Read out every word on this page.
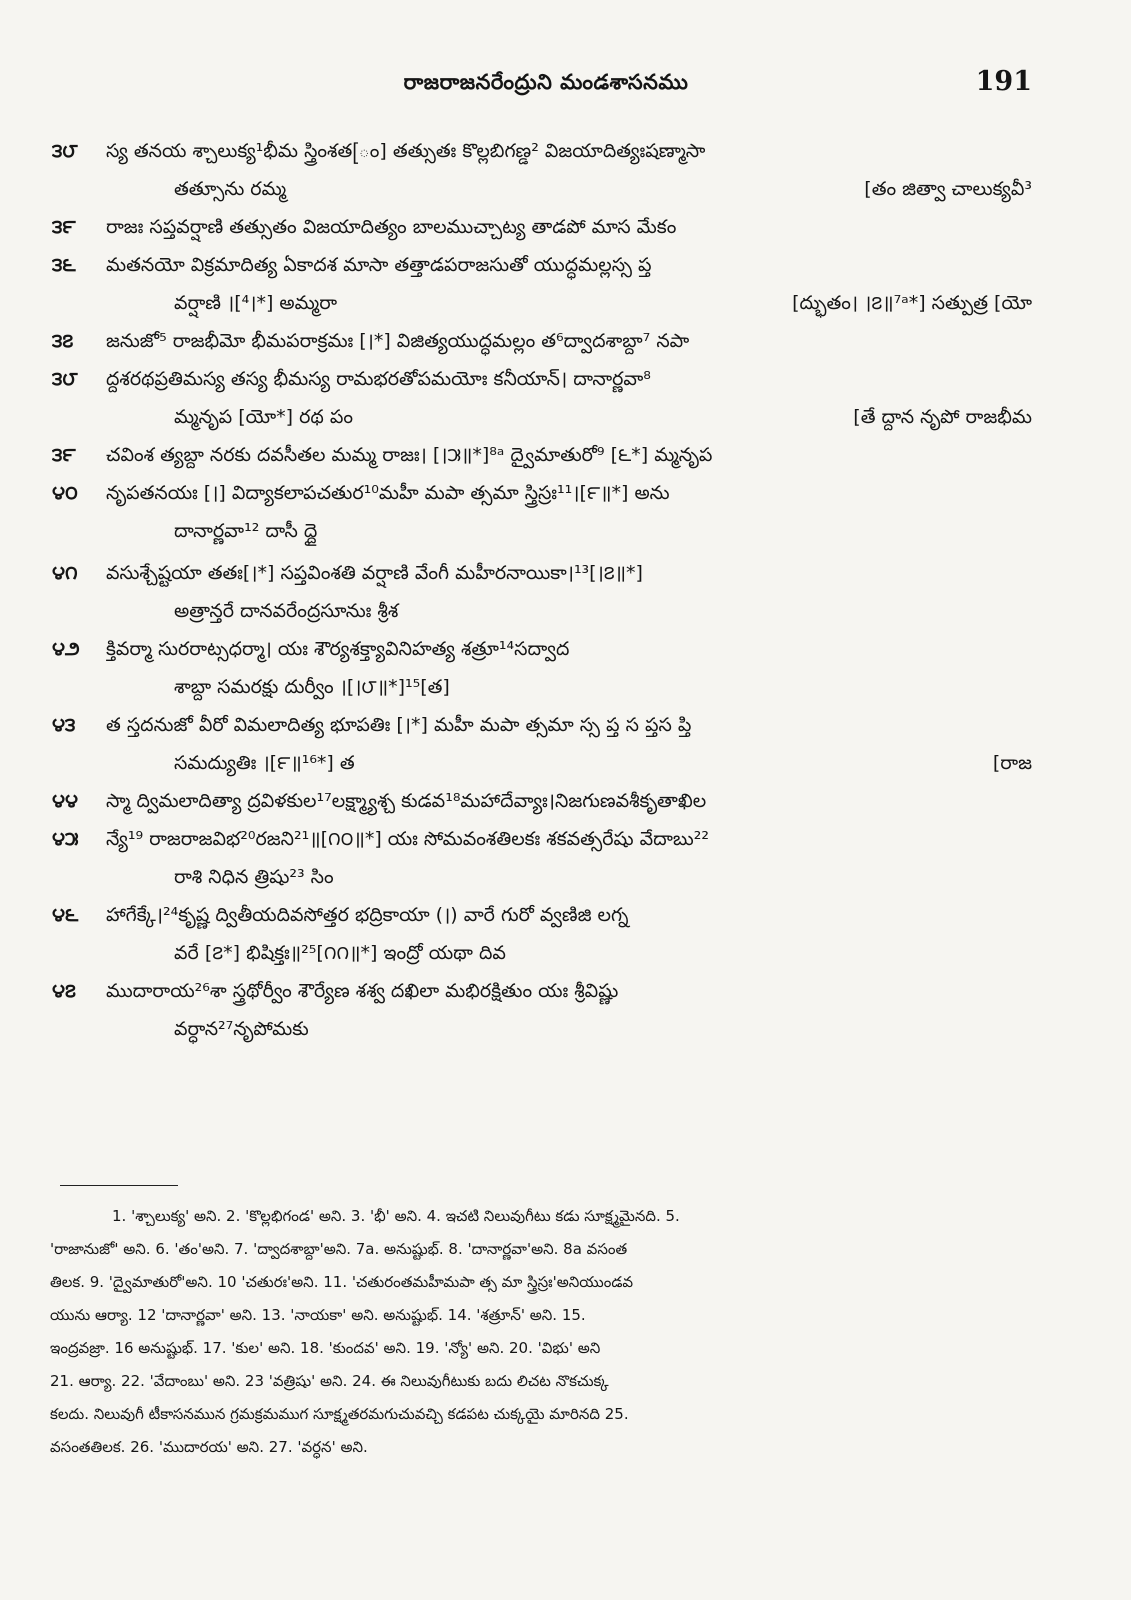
రాజరాజనరేంద్రుని మండశాసనము	191
౩౮	స్య తనయ శ్చాలుక్య¹భీమ స్త్రింశత[ం] తత్సుతః కొల్లబిగణ్డ² విజయాదిత్యఃషణ్మాసా
తత్సూను రమ్మ	[తం జిత్వా చాలుక్యవీ³
౩౯	రాజః సప్తవర్షాణి తత్సుతం విజయాదిత్యం బాలముచ్చాట్య తాడపో మాస మేకం
౩౬	మతనయో విక్రమాదిత్య ఏకాదశ మాసా తత్తాడపరాజసుతో యుద్ధమల్లస్స ప్త
వర్షాణి ।[⁴।*] అమ్మరా	[ద్భుతం। ।౭॥⁷ᵃ*] సత్పుత్ర [యో
౩౭	జనుజో⁵ రాజభీమో భీమపరాక్రమః [।*] విజిత్యయుద్ధమల్లం త⁶ద్వాదశాబ్దా⁷ నపా
౩౮	ద్దశరథప్రతిమస్య తస్య భీమస్య రామభరతోపమయోః కనీయాన్। దానార్ణవా⁸
మ్మనృప [యో*] రథ పం	[తే ద్దాన నృపో రాజభీమ
౩౯	చవింశ త్యబ్దా నరకు దవసీతల మమ్మ రాజః। [।౫॥*]⁸ᵃ ద్వైమాతురో⁹ [౬*] మ్మనృప
౪౦	నృపతనయః [।] విద్యాకలాపచతుర¹⁰మహీ మపా త్సమా స్త్రిస్రః¹¹।[౯॥*] అను
దానార్ణవా¹² దాసీ ద్దై
౪౧	వసుశ్చేష్టయా తతః[।*] సప్తవింశతి వర్షాణి వేంగీ మహీరనాయికా।¹³[।౭॥*]
అత్రాన్తరే దానవరేంద్రసూనుః శ్రీశ
౪౨	క్తివర్మా సురరాట్సధర్మా। యః శౌర్యశక్త్యావినిహత్య శత్రూ¹⁴సద్వాద
శాబ్దా సమరక్షు దుర్వీం ।[।౮॥*]¹⁵[త]
౪౩	త స్తదనుజో వీరో విమలాదిత్య భూపతిః [।*] మహీ మపా త్సమా స్స ప్త స ప్తస ప్తి
సమద్యుతిః ।[౯॥¹⁶*] త	[రాజ
౪౪	స్మా ద్విమలాదిత్యా ద్రవిళకుల¹⁷లక్ష్మ్యాశ్చ కుడవ¹⁸మహాదేవ్యాః।నిజగుణవశీకృతాఖిల
౪౫	న్యే¹⁹ రాజరాజవిభ²⁰రజని²¹॥[౧౦॥*] యః సోమవంశతిలకః శకవత్సరేషు వేదాబు²²
రాశి నిధిన త్రిషు²³ సిం
౪౬	హాగేక్కే।²⁴కృష్ణ ద్వితీయదివసోత్తర భద్రికాయా (।) వారే గురో వ్వణిజి లగ్న
వరే [౭*] భిషిక్తః॥²⁵[౧౧॥*] ఇంద్రో యథా దివ
౪౭	ముదారాయ²⁶శా స్త్రథోర్వీం శౌర్యేణ శశ్వ దఖిలా మభిరక్షితుం యః శ్రీవిష్ణు
వర్ధాన²⁷నృపోమకు
1. 'శ్చాలుక్య' అని. 2. 'కొల్లభిగండ' అని. 3. 'భీ' అని. 4. ఇచటి నిలువుగీటు కడు సూక్ష్మమైనది. 5.
'రాజానుజో' అని. 6. 'తం'అని. 7. 'ద్వాదశాబ్దా'అని. 7a. అనుష్టుభ్. 8. 'దానార్ణవా'అని. 8a వసంత
తిలక. 9. 'ద్వైమాతురో'అని. 10 'చతురః'అని. 11. 'చతురంతమహీమపా త్స మా స్త్రిస్రః'అనియుండవ
యును ఆర్యా. 12 'దానార్ణవా' అని. 13. 'నాయకా' అని. అనుష్టుభ్. 14. 'శత్రూన్' అని. 15.
ఇంద్రవజ్రా. 16 అనుష్టుభ్. 17. 'కుల' అని. 18. 'కుందవ' అని. 19. 'న్యో' అని. 20. 'విభు' అని
21. ఆర్యా. 22. 'వేదాంబు' అని. 23 'వత్రిషు' అని. 24. ఈ నిలువుగీటుకు బదు లిచట నొకచుక్క
కలదు. నిలువుగీ టీకాసనమున గ్రమక్రమముగ సూక్ష్మతరమగుచువచ్చి కడపట చుక్కయై మారినది 25.
వసంతతిలక. 26. 'ముదారయ' అని. 27. 'వర్ధన' అని.
